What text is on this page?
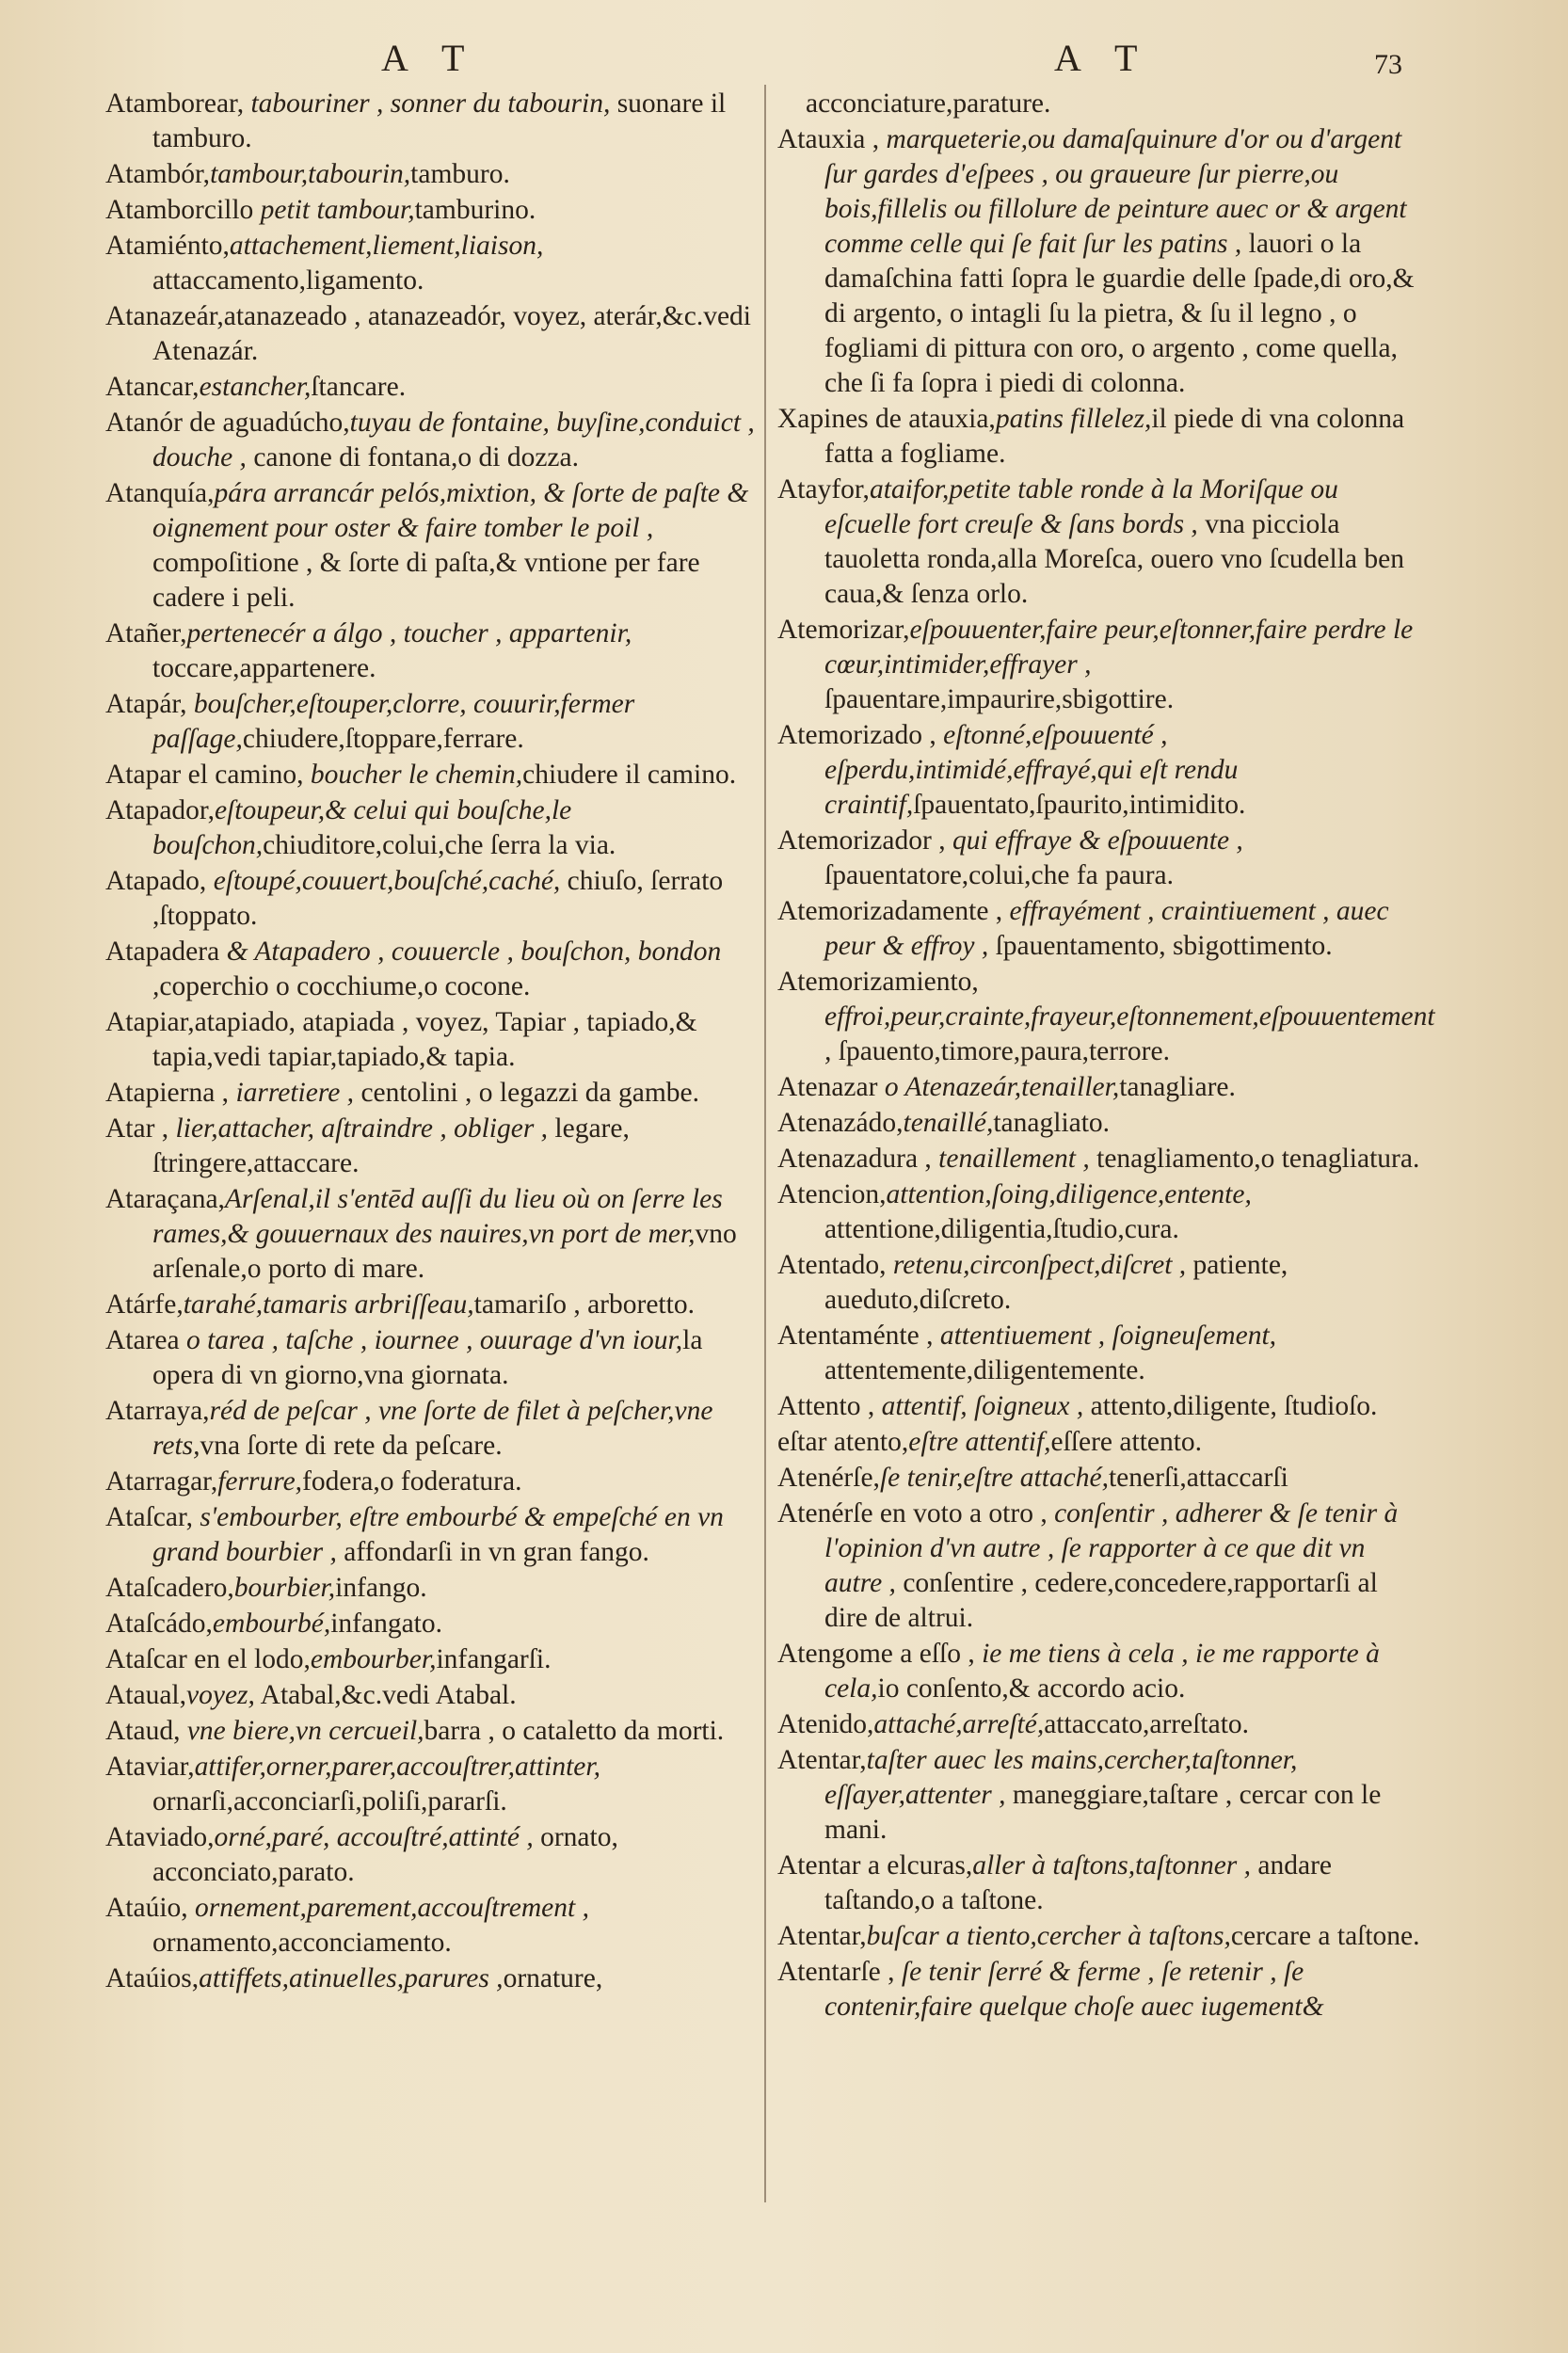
A T	A T	73

Atamborear, tabouriner , sonner du tabourin, suonare il tamburo.

Atambór,tambour,tabourin,tamburo.

Atamborcillo petit tambour,tamburino.

Atamiénto,attachement,liement,liaison, attaccamento,ligamento.

Atanazeár,atanazeado , atanazeadór, voyez, aterár,&c.vedi Atenazár.

Atancar,estancher,ſtancare.

Atanór de aguadúcho,tuyau de fontaine, buyſine,conduict , douche , canone di fontana,o di dozza.

Atanquía,pára arrancár pelós,mixtion, & ſorte de paſte & oignement pour oster & faire tomber le poil , compoſitione , & ſorte di paſta,& vntione per fare cadere i peli.

Atañer,pertenecér a álgo , toucher , appartenir, toccare,appartenere.

Atapár, bouſcher,eſtouper,clorre, couurir,fermer paſſage,chiudere,ſtoppare,ferrare.

Atapar el camino, boucher le chemin,chiudere il camino.

Atapador,eſtoupeur,& celui qui bouſche,le bouſchon,chiuditore,colui,che ſerra la via.

Atapado, eſtoupé,couuert,bouſché,caché, chiuſo, ſerrato ,ſtoppato.

Atapadera & Atapadero , couuercle , bouſchon, bondon ,coperchio o cocchiume,o cocone.

Atapiar,atapiado, atapiada , voyez, Tapiar , tapiado,& tapia,vedi tapiar,tapiado,& tapia.

Atapierna , iarretiere , centolini , o legazzi da gambe.

Atar , lier,attacher, aſtraindre , obliger , legare, ſtringere,attaccare.

Ataraçana,Arſenal,il s'entēd auſſi du lieu où on ſerre les rames,& gouuernaux des nauires,vn port de mer,vno arſenale,o porto di mare.

Atárfe,tarahé,tamaris arbriſſeau,tamariſo , arboretto.

Atarea o tarea , taſche , iournee , ouurage d'vn iour,la opera di vn giorno,vna giornata.

Atarraya,réd de peſcar , vne ſorte de filet à peſcher,vne rets,vna ſorte di rete da peſcare.

Atarragar,ferrure,fodera,o foderatura.

Ataſcar, s'embourber, eſtre embourbé & empeſché en vn grand bourbier , affondarſi in vn gran fango.

Ataſcadero,bourbier,infango.

Ataſcádo,embourbé,infangato.

Ataſcar en el lodo,embourber,infangarſi.

Ataual,voyez, Atabal,&c.vedi Atabal.

Ataud, vne biere,vn cercueil,barra , o cataletto da morti.

Ataviar,attifer,orner,parer,accouſtrer,attinter, ornarſi,acconciarſi,poliſi,pararſi.

Ataviado,orné,paré, accouſtré,attinté , ornato, acconciato,parato.

Ataúio, ornement,parement,accouſtrement , ornamento,acconciamento.

Ataúios,attiffets,atinuelles,parures ,ornature,

acconciature,parature.

Atauxia , marqueterie,ou damaſquinure d'or ou d'argent ſur gardes d'eſpees , ou graueure ſur pierre,ou bois,fillelis ou fillolure de peinture auec or & argent comme celle qui ſe fait ſur les patins , lauori o la damaſchina fatti ſopra le guardie delle ſpade,di oro,& di argento, o intagli ſu la pietra, & ſu il legno , o fogliami di pittura con oro, o argento , come quella, che ſi fa ſopra i piedi di colonna.

Xapines de atauxia,patins fillelez,il piede di vna colonna fatta a fogliame.

Atayfor,ataifor,petite table ronde à la Moriſque ou eſcuelle fort creuſe & ſans bords , vna picciola tauoletta ronda,alla Moreſca, ouero vno ſcudella ben caua,& ſenza orlo.

Atemorizar,eſpouuenter,faire peur,eſtonner,faire perdre le cœur,intimider,effrayer , ſpauentare,impaurire,sbigottire.

Atemorizado , eſtonné,eſpouuenté , eſperdu,intimidé,effrayé,qui eſt rendu craintif,ſpauentato,ſpaurito,intimidito.

Atemorizador , qui effraye & eſpouuente , ſpauentatore,colui,che fa paura.

Atemorizadamente , effrayément , craintiuement , auec peur & effroy , ſpauentamento, sbigottimento.

Atemorizamiento, effroi,peur,crainte,frayeur,eſtonnement,eſpouuentement , ſpauento,timore,paura,terrore.

Atenazar o Atenazeár,tenailler,tanagliare.

Atenazádo,tenaillé,tanagliato.

Atenazadura , tenaillement , tenagliamento,o tenagliatura.

Atencion,attention,ſoing,diligence,entente, attentione,diligentia,ſtudio,cura.

Atentado, retenu,circonſpect,diſcret , patiente, aueduto,diſcreto.

Atentaménte , attentiuement , ſoigneuſement, attentemente,diligentemente.

Attento , attentif, ſoigneux , attento,diligente, ſtudioſo.

eſtar atento,eſtre attentif,eſſere attento.

Atenérſe,ſe tenir,eſtre attaché,tenerſi,attaccarſi

Atenérſe en voto a otro , conſentir , adherer & ſe tenir à l'opinion d'vn autre , ſe rapporter à ce que dit vn autre , conſentire , cedere,concedere,rapportarſi al dire de altrui.

Atengome a eſſo , ie me tiens à cela , ie me rapporte à cela,io conſento,& accordo acio.

Atenido,attaché,arreſté,attaccato,arreſtato.

Atentar,taſter auec les mains,cercher,taſtonner, eſſayer,attenter , maneggiare,taſtare , cercar con le mani.

Atentar a elcuras,aller à taſtons,taſtonner , andare taſtando,o a taſtone.

Atentar,buſcar a tiento,cercher à taſtons,cercare a taſtone.

Atentarſe , ſe tenir ſerré & ferme , ſe retenir , ſe contenir,faire quelque choſe auec iugement&
